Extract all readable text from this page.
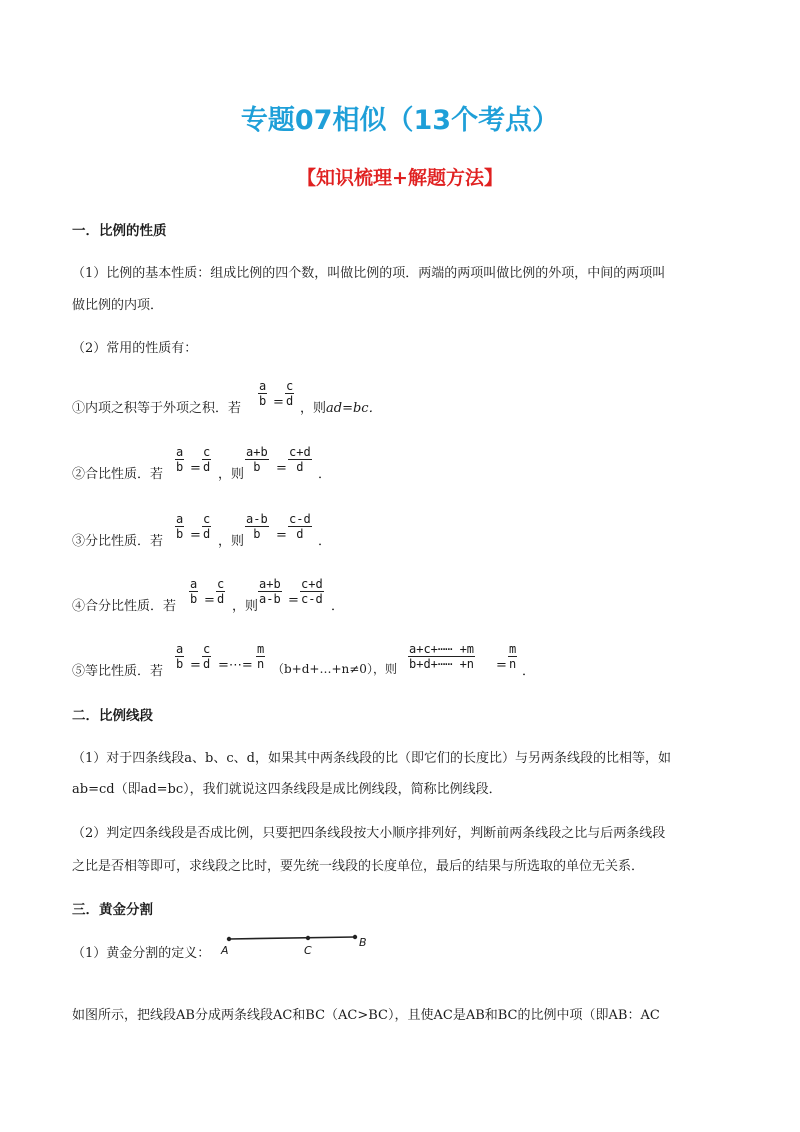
专题07相似（13个考点）
【知识梳理+解题方法】
一．比例的性质
（1）比例的基本性质：组成比例的四个数，叫做比例的项．两端的两项叫做比例的外项，中间的两项叫
做比例的内项．
（2）常用的性质有：
①内项之积等于外项之积．若
$\frac{a}{b} = \frac{c}{d}$
，则ad=bc．
②合比性质．若
$\frac{a}{b} = \frac{c}{d}$
，则
$\frac{a+b}{b} = \frac{c+d}{d}$
．
③分比性质．若
$\frac{a}{b} = \frac{c}{d}$
，则
$\frac{a-b}{b} = \frac{c-d}{d}$
．
④合分比性质．若
$\frac{a}{b} = \frac{c}{d}$
，则
$\frac{a+b}{a-b} = \frac{c+d}{c-d}$
．
⑤等比性质．若
$\frac{a}{b} = \frac{c}{d}$ =⋯= $\frac{m}{n}$ （b+d+…+n≠0），则 $\frac{a+c+\cdots\cdots +m}{b+d+\cdots\cdots +n} = \frac{m}{n}$
．
二．比例线段
（1）对于四条线段a、b、c、d，如果其中两条线段的比（即它们的长度比）与另两条线段的比相等，如
ab=cd（即ad=bc），我们就说这四条线段是成比例线段，简称比例线段．
（2）判定四条线段是否成比例，只要把四条线段按大小顺序排列好，判断前两条线段之比与后两条线段
之比是否相等即可，求线段之比时，要先统一线段的长度单位，最后的结果与所选取的单位无关系．
三．黄金分割
（1）黄金分割的定义： A	C
B
如图所示，把线段AB分成两条线段AC和BC（AC>BC），且使AC是AB和BC的比例中项（即AB：AC
